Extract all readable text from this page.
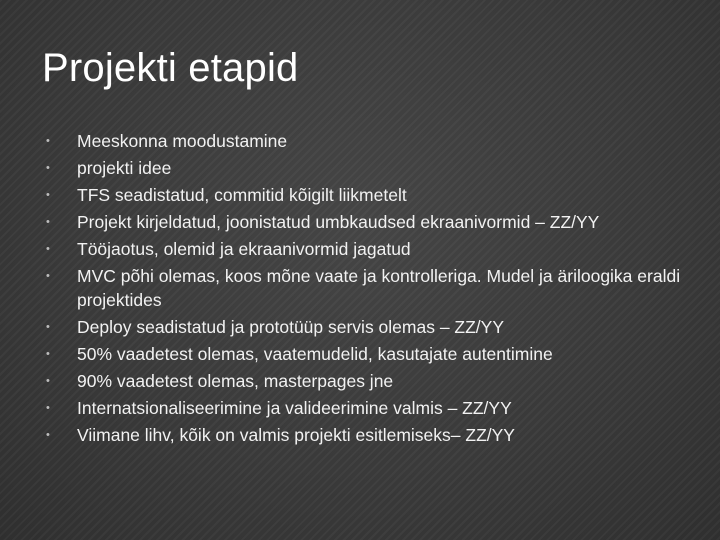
Projekti etapid
• Meeskonna moodustamine
• projekti idee
• TFS seadistatud, commitid kõigilt liikmetelt
• Projekt kirjeldatud, joonistatud umbkaudsed ekraanivormid – ZZ/YY
• Tööjaotus, olemid ja ekraanivormid jagatud
• MVC põhi olemas, koos mõne vaate ja kontrolleriga. Mudel ja äriloogika eraldi projektides
• Deploy seadistatud ja prototüüp servis olemas – ZZ/YY
• 50% vaadetest olemas, vaatemudelid, kasutajate autentimine
• 90% vaadetest olemas, masterpages jne
• Internatsionaliseerimine ja valideerimine valmis – ZZ/YY
• Viimane lihv, kõik on valmis projekti esitlemiseks– ZZ/YY
